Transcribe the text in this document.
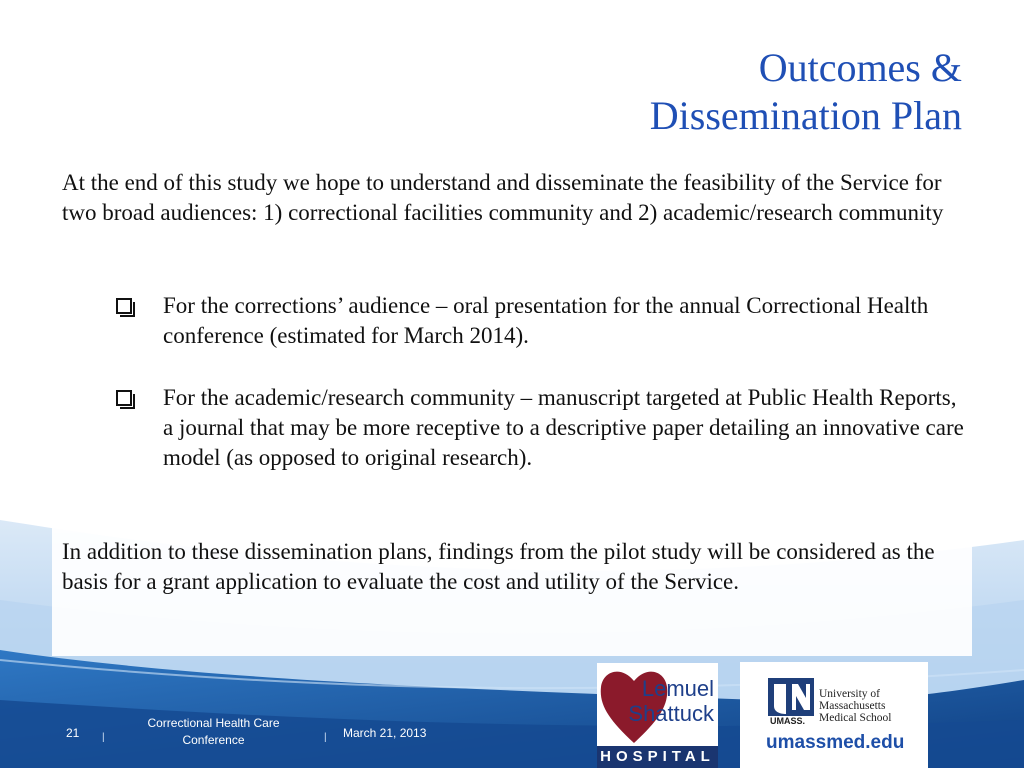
Outcomes &
Dissemination Plan

At the end of this study we hope to understand and disseminate the feasibility of the Service for two broad audiences: 1) correctional facilities community and 2) academic/research community

For the corrections’ audience – oral presentation for the annual Correctional Health conference (estimated for March 2014).
For the academic/research community – manuscript targeted at Public Health Reports, a journal that may be more receptive to a descriptive paper detailing an innovative care model (as opposed to original research).

In addition to these dissemination plans, findings from the pilot study will be considered as the basis for a grant application to evaluate the cost and utility of the Service.

21 |
Correctional Health Care
Conference	| March 21, 2013
Lemuel
Shattuck
HOSPITAL
UMASS.
University of
Massachusetts
Medical School
umassmed.edu
